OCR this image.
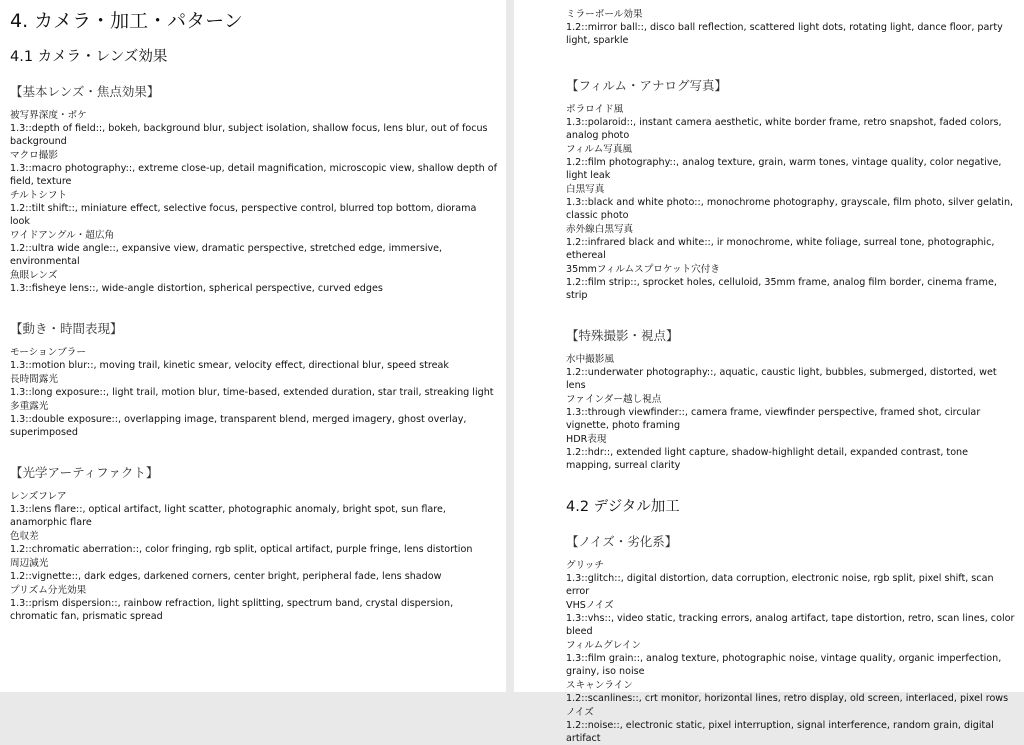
4. カメラ・加工・パターン
4.1 カメラ・レンズ効果
【基本レンズ・焦点効果】
被写界深度・ボケ
1.3::depth of field::, bokeh, background blur, subject isolation, shallow focus, lens blur, out of focus background
マクロ撮影
1.3::macro photography::, extreme close-up, detail magnification, microscopic view, shallow depth of field, texture
チルトシフト
1.2::tilt shift::, miniature effect, selective focus, perspective control, blurred top bottom, diorama look
ワイドアングル・超広角
1.2::ultra wide angle::, expansive view, dramatic perspective, stretched edge, immersive, environmental
魚眼レンズ
1.3::fisheye lens::, wide-angle distortion, spherical perspective, curved edges
【動き・時間表現】
モーションブラー
1.3::motion blur::, moving trail, kinetic smear, velocity effect, directional blur, speed streak
長時間露光
1.3::long exposure::, light trail, motion blur, time-based, extended duration, star trail, streaking light
多重露光
1.3::double exposure::, overlapping image, transparent blend, merged imagery, ghost overlay, superimposed
【光学アーティファクト】
レンズフレア
1.3::lens flare::, optical artifact, light scatter, photographic anomaly, bright spot, sun flare, anamorphic flare
色収差
1.2::chromatic aberration::, color fringing, rgb split, optical artifact, purple fringe, lens distortion
周辺減光
1.2::vignette::, dark edges, darkened corners, center bright, peripheral fade, lens shadow
プリズム分光効果
1.3::prism dispersion::, rainbow refraction, light splitting, spectrum band, crystal dispersion, chromatic fan, prismatic spread
ミラーボール効果
1.2::mirror ball::, disco ball reflection, scattered light dots, rotating light, dance floor, party light, sparkle
【フィルム・アナログ写真】
ポラロイド風
1.3::polaroid::, instant camera aesthetic, white border frame, retro snapshot, faded colors, analog photo
フィルム写真風
1.2::film photography::, analog texture, grain, warm tones, vintage quality, color negative, light leak
白黒写真
1.3::black and white photo::, monochrome photography, grayscale, film photo, silver gelatin, classic photo
赤外線白黒写真
1.2::infrared black and white::, ir monochrome, white foliage, surreal tone, photographic, ethereal
35mmフィルムスプロケット穴付き
1.2::film strip::, sprocket holes, celluloid, 35mm frame, analog film border, cinema frame, strip
【特殊撮影・視点】
水中撮影風
1.2::underwater photography::, aquatic, caustic light, bubbles, submerged, distorted, wet lens
ファインダー越し視点
1.3::through viewfinder::, camera frame, viewfinder perspective, framed shot, circular vignette, photo framing
HDR表現
1.2::hdr::, extended light capture, shadow-highlight detail, expanded contrast, tone mapping, surreal clarity
4.2 デジタル加工
【ノイズ・劣化系】
グリッチ
1.3::glitch::, digital distortion, data corruption, electronic noise, rgb split, pixel shift, scan error
VHSノイズ
1.3::vhs::, video static, tracking errors, analog artifact, tape distortion, retro, scan lines, color bleed
フィルムグレイン
1.3::film grain::, analog texture, photographic noise, vintage quality, organic imperfection, grainy, iso noise
スキャンライン
1.2::scanlines::, crt monitor, horizontal lines, retro display, old screen, interlaced, pixel rows
ノイズ
1.2::noise::, electronic static, pixel interruption, signal interference, random grain, digital artifact
